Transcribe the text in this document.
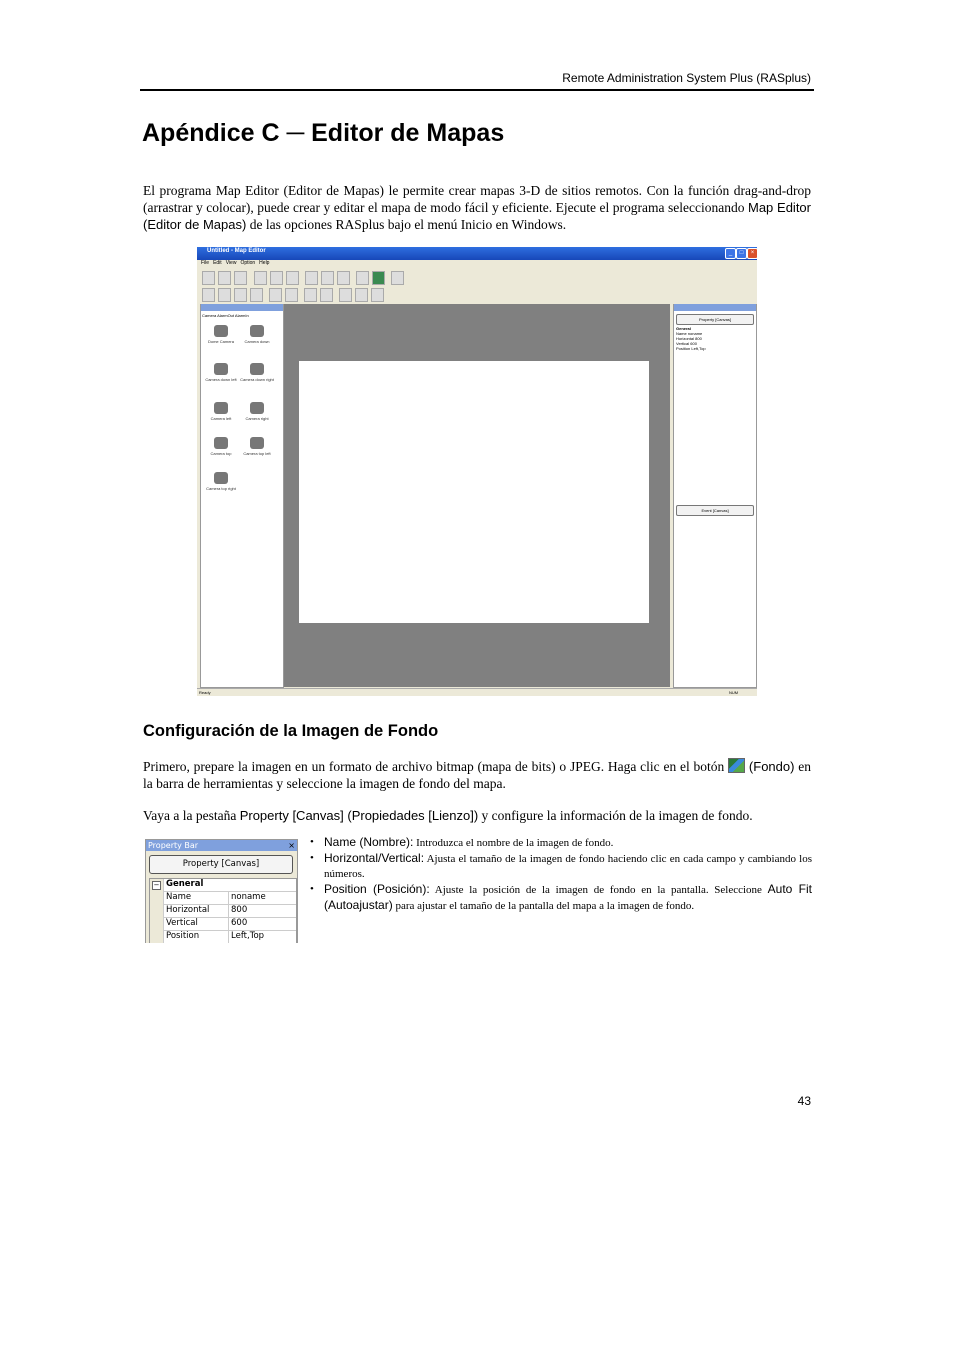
Remote Administration System Plus (RASplus)
Apéndice C ─ Editor de Mapas
El programa Map Editor (Editor de Mapas) le permite crear mapas 3-D de sitios remotos. Con la función drag-and-drop (arrastrar y colocar), puede crear y editar el mapa de modo fácil y eficiente. Ejecute el programa seleccionando Map Editor (Editor de Mapas) de las opciones RASplus bajo el menú Inicio en Windows.
Untitled - Map Editor	_	□	×
File Edit View Option Help
Camera AlarmOut AlarmIn
Dome Camera	Camera down
Camera down left Camera down right
Camera left	Camera right
Camera top	Camera top left
Camera top right
Property [Canvas]
General
Name noname
Horizontal 800
Vertical 600
Position Left,Top
Event [Canvas]
Ready	NUM
Configuración de la Imagen de Fondo
Primero, prepare la imagen en un formato de archivo bitmap (mapa de bits) o JPEG. Haga clic en el botón  (Fondo) en la barra de herramientas y seleccione la imagen de fondo del mapa.
Vaya a la pestaña Property [Canvas] (Propiedades [Lienzo]) y configure la información de la imagen de fondo.
Property Bar	×
Property [Canvas]
− General
Name	noname
Horizontal	800
Vertical	600
Position	Left,Top
• Name (Nombre): Introduzca el nombre de la imagen de fondo.
• Horizontal/Vertical: Ajusta el tamaño de la imagen de fondo haciendo clic en cada campo y cambiando los números.
• Position (Posición): Ajuste la posición de la imagen de fondo en la pantalla. Seleccione Auto Fit (Autoajustar) para ajustar el tamaño de la pantalla del mapa a la imagen de fondo.
43
